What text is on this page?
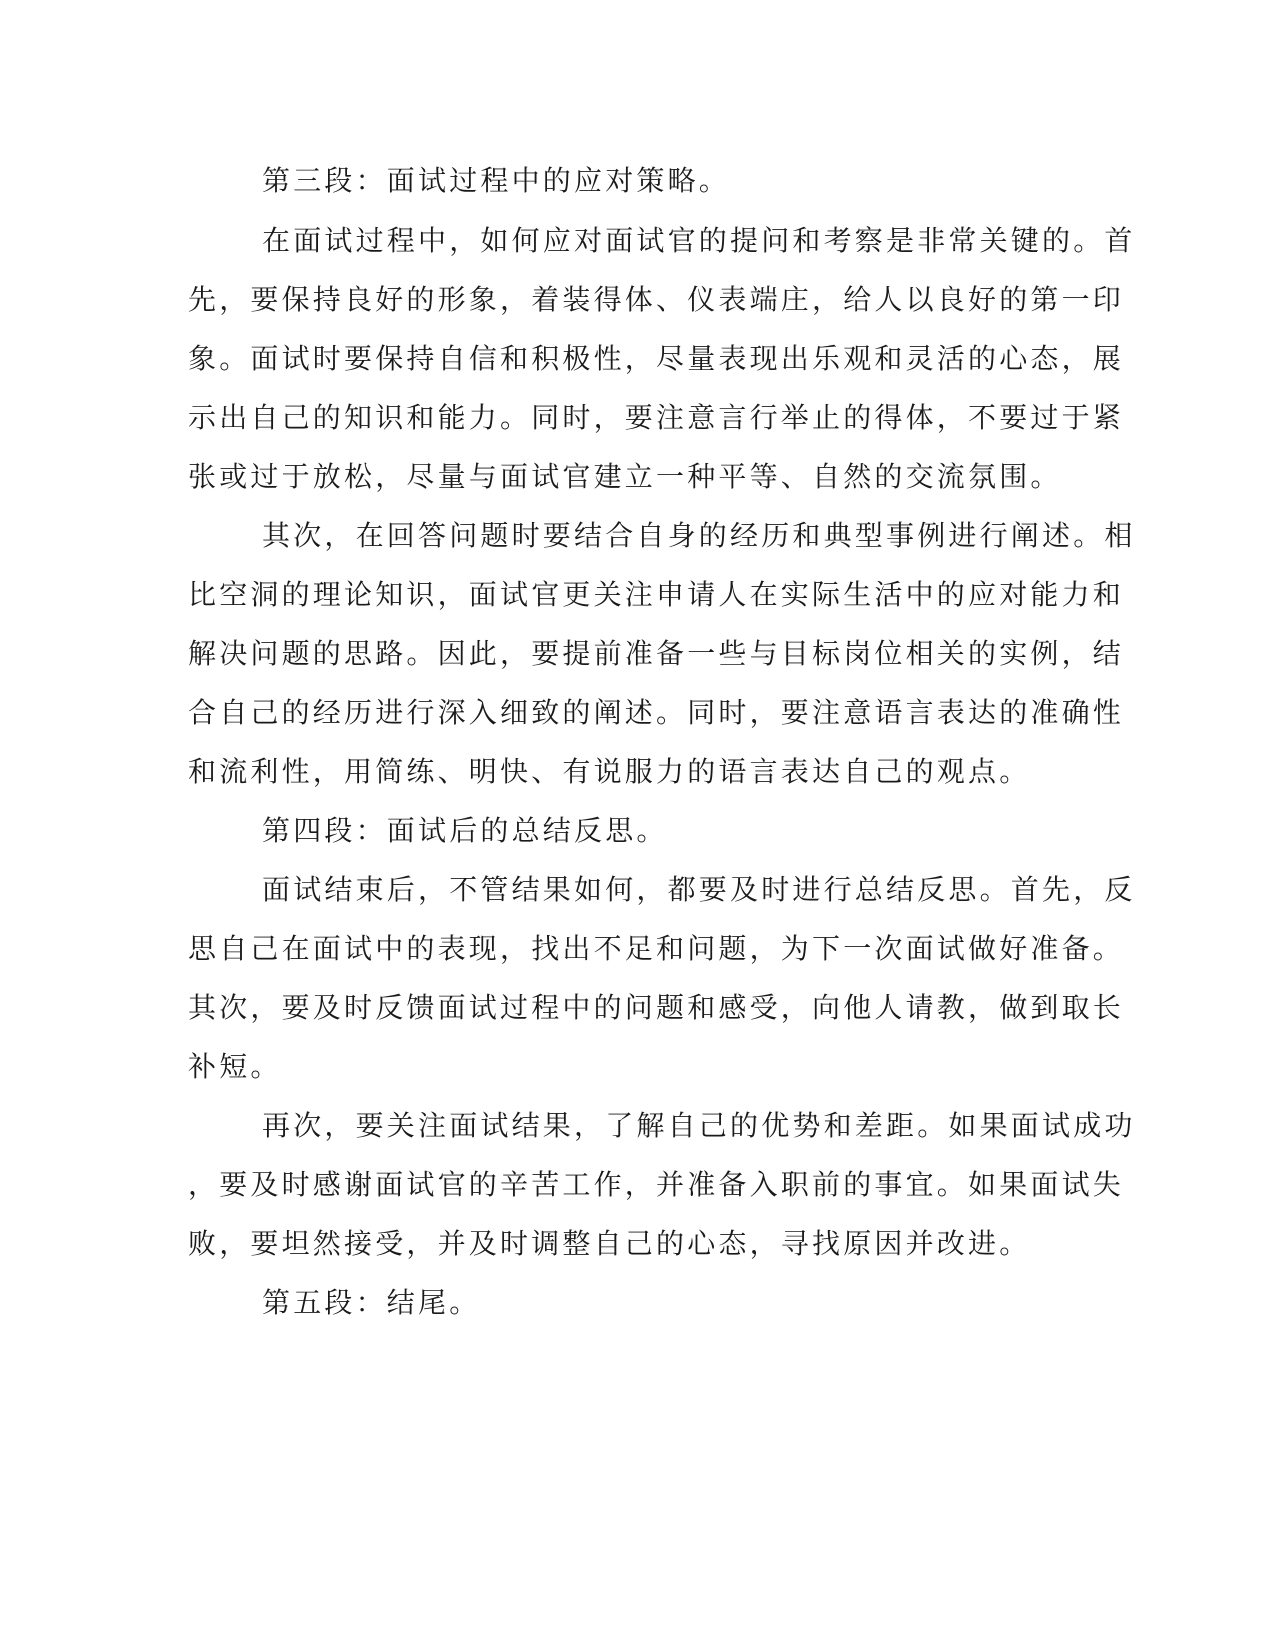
第三段：面试过程中的应对策略。
在面试过程中，如何应对面试官的提问和考察是非常关键的。首
先，要保持良好的形象，着装得体、仪表端庄，给人以良好的第一印
象。面试时要保持自信和积极性，尽量表现出乐观和灵活的心态，展
示出自己的知识和能力。同时，要注意言行举止的得体，不要过于紧
张或过于放松，尽量与面试官建立一种平等、自然的交流氛围。
其次，在回答问题时要结合自身的经历和典型事例进行阐述。相
比空洞的理论知识，面试官更关注申请人在实际生活中的应对能力和
解决问题的思路。因此，要提前准备一些与目标岗位相关的实例，结
合自己的经历进行深入细致的阐述。同时，要注意语言表达的准确性
和流利性，用简练、明快、有说服力的语言表达自己的观点。
第四段：面试后的总结反思。
面试结束后，不管结果如何，都要及时进行总结反思。首先，反
思自己在面试中的表现，找出不足和问题，为下一次面试做好准备。
其次，要及时反馈面试过程中的问题和感受，向他人请教，做到取长
补短。
再次，要关注面试结果，了解自己的优势和差距。如果面试成功
，要及时感谢面试官的辛苦工作，并准备入职前的事宜。如果面试失
败，要坦然接受，并及时调整自己的心态，寻找原因并改进。
第五段：结尾。
